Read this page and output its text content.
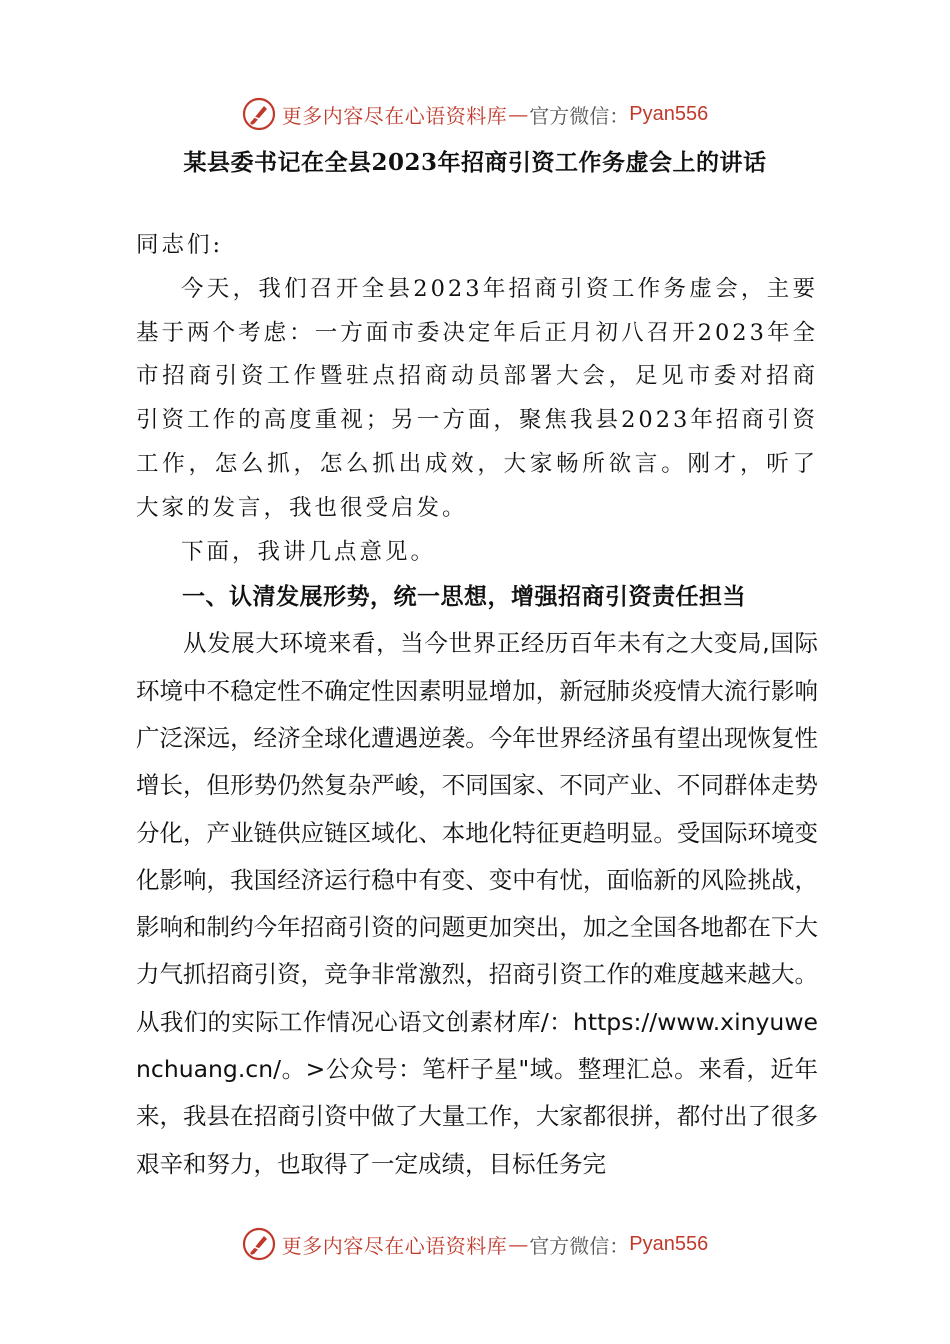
更多内容尽在心语资料库 — 官方微信： Pyan556
某县委书记在全县2023年招商引资工作务虚会上的讲话

同志们:

今天，我们召开全县2023年招商引资工作务虚会，主要基于两个考虑：一方面市委决定年后正月初八召开2023年全市招商引资工作暨驻点招商动员部署大会，足见市委对招商引资工作的高度重视；另一方面，聚焦我县2023年招商引资工作，怎么抓，怎么抓出成效，大家畅所欲言。刚才，听了大家的发言，我也很受启发。

下面，我讲几点意见。

一、认清发展形势，统一思想，增强招商引资责任担当

从发展大环境来看，当今世界正经历百年未有之大变局,国际环境中不稳定性不确定性因素明显增加，新冠肺炎疫情大流行影响广泛深远，经济全球化遭遇逆袭。今年世界经济虽有望出现恢复性增长，但形势仍然复杂严峻，不同国家、不同产业、不同群体走势分化，产业链供应链区域化、本地化特征更趋明显。受国际环境变化影响，我国经济运行稳中有变、变中有忧，面临新的风险挑战，影响和制约今年招商引资的问题更加突出，加之全国各地都在下大力气抓招商引资，竞争非常激烈，招商引资工作的难度越来越大。从我们的实际工作情况心语文创素材库/：https://www.xinyuwenchuang.cn/。>公众号：笔杆子星"域。整理汇总。来看，近年来，我县在招商引资中做了大量工作，大家都很拼，都付出了很多艰辛和努力，也取得了一定成绩，目标任务完

更多内容尽在心语资料库 — 官方微信： Pyan556
